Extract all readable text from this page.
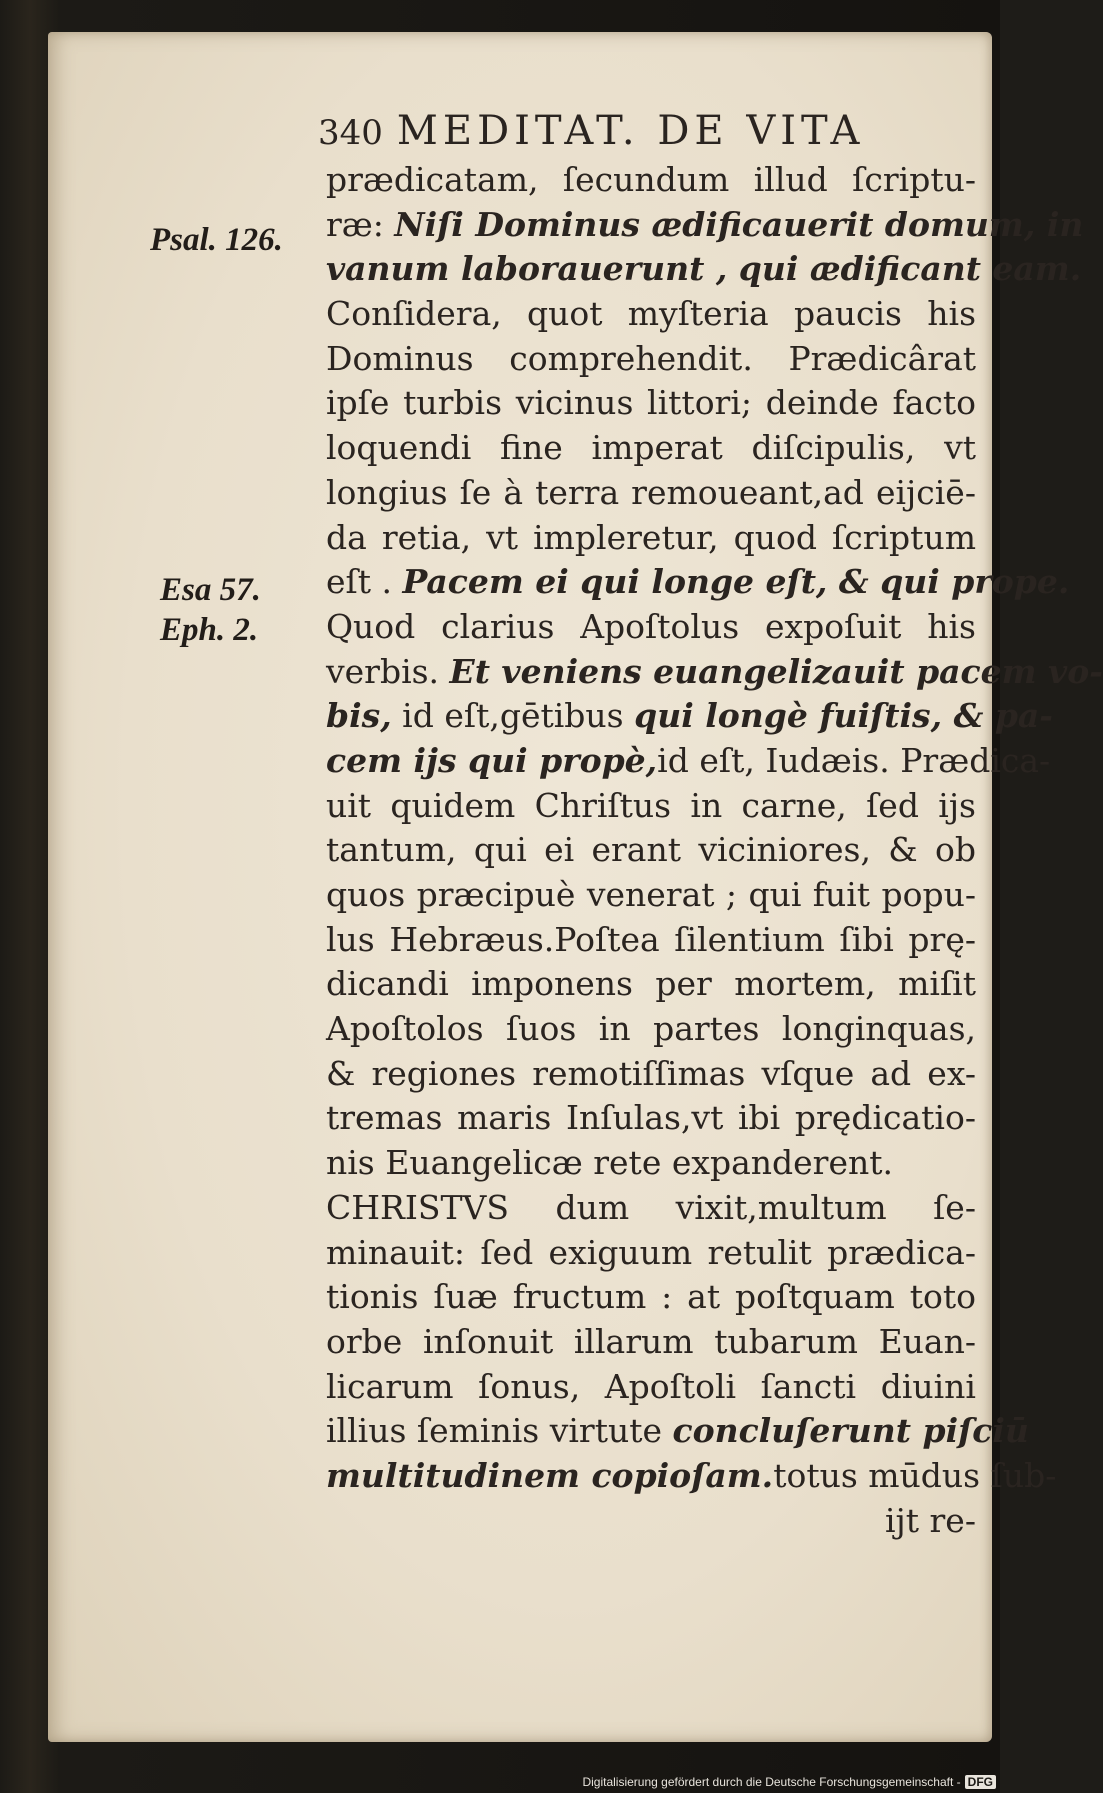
340 MEDITAT. DE VITA
Psal. 126.
Esa 57.
Eph. 2.
prædicatam, ſecundum illud ſcriptu-
ræ: Niſi Dominus ædificauerit domum, in
vanum laborauerunt , qui ædificant eam.
Conſidera, quot myſteria paucis his
Dominus comprehendit. Prædicârat
ipſe turbis vicinus littori; deinde facto
loquendi fine imperat diſcipulis, vt
longius ſe à terra remoueant,ad eijciē-
da retia, vt impleretur, quod ſcriptum
eſt . Pacem ei qui longe eſt, & qui prope.
Quod clarius Apoſtolus expoſuit his
verbis. Et veniens euangelizauit pacem vo-
bis, id eſt,gētibus qui longè fuiſtis, & pa-
cem ijs qui propè,id eſt, Iudæis. Prædica-
uit quidem Chriſtus in carne, ſed ijs
tantum, qui ei erant viciniores, & ob
quos præcipuè venerat ; qui fuit popu-
lus Hebræus.Poſtea ſilentium ſibi prę-
dicandi imponens per mortem, miſit
Apoſtolos ſuos in partes longinquas,
& regiones remotiſſimas vſque ad ex-
tremas maris Inſulas,vt ibi prędicatio-
nis Euangelicæ rete expanderent.
CHRISTVS dum vixit,multum ſe-
minauit: ſed exiguum retulit prædica-
tionis ſuæ fructum : at poſtquam toto
orbe inſonuit illarum tubarum Euan-
licarum ſonus, Apoſtoli ſancti diuini
illius ſeminis virtute concluſerunt piſciū
multitudinem copioſam.totus mūdus ſub-
ijt re-
Digitalisierung gefördert durch die Deutsche Forschungsgemeinschaft - DFG
